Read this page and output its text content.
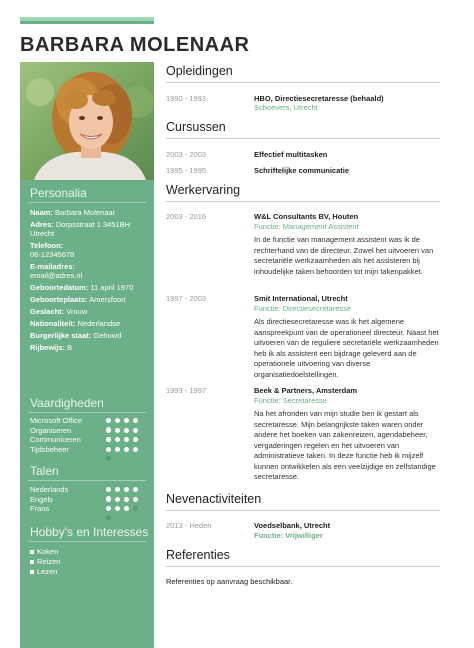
BARBARA MOLENAAR
Personalia
Naam: Barbara Molenaar
Adres: Dorpsstraat 1 3451BH Utrecht
Telefoon:
06-12345678
E-mailadres:
email@adres.nl
Geboortedatum: 11 april 1970
Geboorteplaats: Amersfoort
Geslacht: Vrouw
Nationaliteit: Nederlandse
Burgerlijke staat: Gehuwd
Rijbewijs: B
Vaardigheden
Microsoft Office
Organiseren
Communiceren
Tijdsbeheer
Talen
Nederlands
Engels
Frans
Hobby's en Interesses
Koken
Reizen
Lezen
Opleidingen
1990 - 1993	HBO, Directiesecretaresse (behaald)
Schoevers, Utrecht
Cursussen
2003 - 2003	Effectief multitasken
1995 - 1995	Schriftelijke communicatie
Werkervaring
2003 - 2016	W&L Consultants BV, Houten
Functie: Management Assistent
In de functie van management assistent was ik de rechterhand van de directeur. Zowel het uitvoeren van secretariële werkzaamheden als het assisteren bij inhoudelijke taken behoorden tot mijn takenpakket.
1997 - 2003	Smit International, Utrecht
Functie: Directiesecretaresse
Als directiesecretaresse was ik het algemene aanspreekpunt van de operationeel directeur. Naast het uitvoeren van de reguliere secretariële werkzaamheden heb ik als assistent een bijdrage geleverd aan de operationele uitvoering van diverse organisatiedoelstellingen.
1993 - 1997	Beek & Partners, Amsterdam
Functie: Secretaresse
Na het afronden van mijn studie ben ik gestart als secretaresse. Mijn belangrijkste taken waren onder andere het boeken van zakenreizen, agendabeheer, vergaderingen regelen en het uitvoeren van administratieve taken. In deze functie heb ik mijzelf kunnen ontwikkelen als een veelzijdige en zelfstandige secretaresse.
Nevenactiviteiten
2013 - Heden	Voedselbank, Utrecht
Functie: Vrijwilliger
Referenties
Referenties op aanvraag beschikbaar.
